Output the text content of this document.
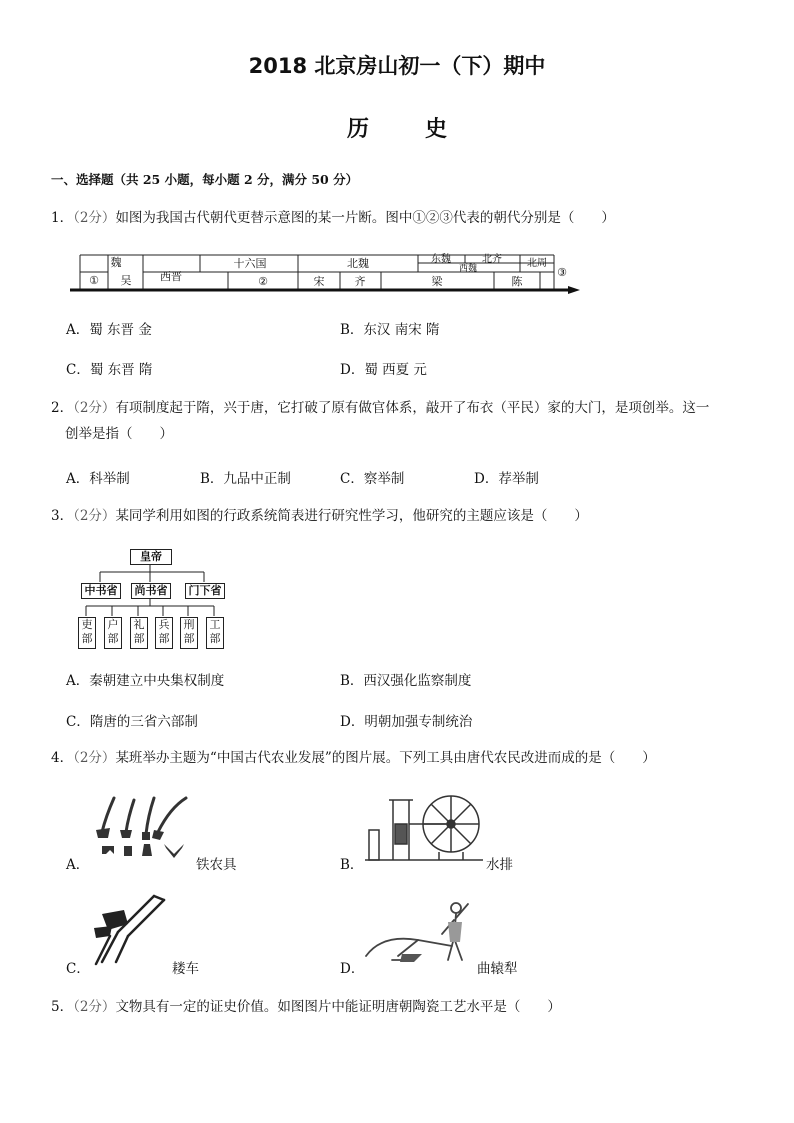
2018 北京房山初一（下）期中
历	史
一、选择题（共 25 小题，每小题 2 分，满分 50 分）
1．（2分）如图为我国古代朝代更替示意图的某一片断。图中①②③代表的朝代分别是（　　）
魏	十六国	北魏	东魏	北齐
西魏	北周
① 吴	西晋	②	宋	齐	梁	陈
③
A．蜀 东晋 金	B．东汉 南宋 隋
C．蜀 东晋 隋	D．蜀 西夏 元
2．（2分）有项制度起于隋，兴于唐，它打破了原有做官体系，敲开了布衣（平民）家的大门，是项创举。这一
创举是指（　　）
A．科举制	B．九品中正制	C．察举制	D．荐举制
3．（2分）某同学利用如图的行政系统简表进行研究性学习，他研究的主题应该是（　　）
皇帝
中书省	尚书省	门下省
吏部
户部
礼部
兵部
刑部
工部
A．秦朝建立中央集权制度	B．西汉强化监察制度
C．隋唐的三省六部制	D．明朝加强专制统治
4．（2分）某班举办主题为“中国古代农业发展”的图片展。下列工具由唐代农民改进而成的是（　　）
A．	铁农具	B．	水排
C．	耧车	D．	曲辕犁
5．（2分）文物具有一定的证史价值。如图图片中能证明唐朝陶瓷工艺水平是（　　）
